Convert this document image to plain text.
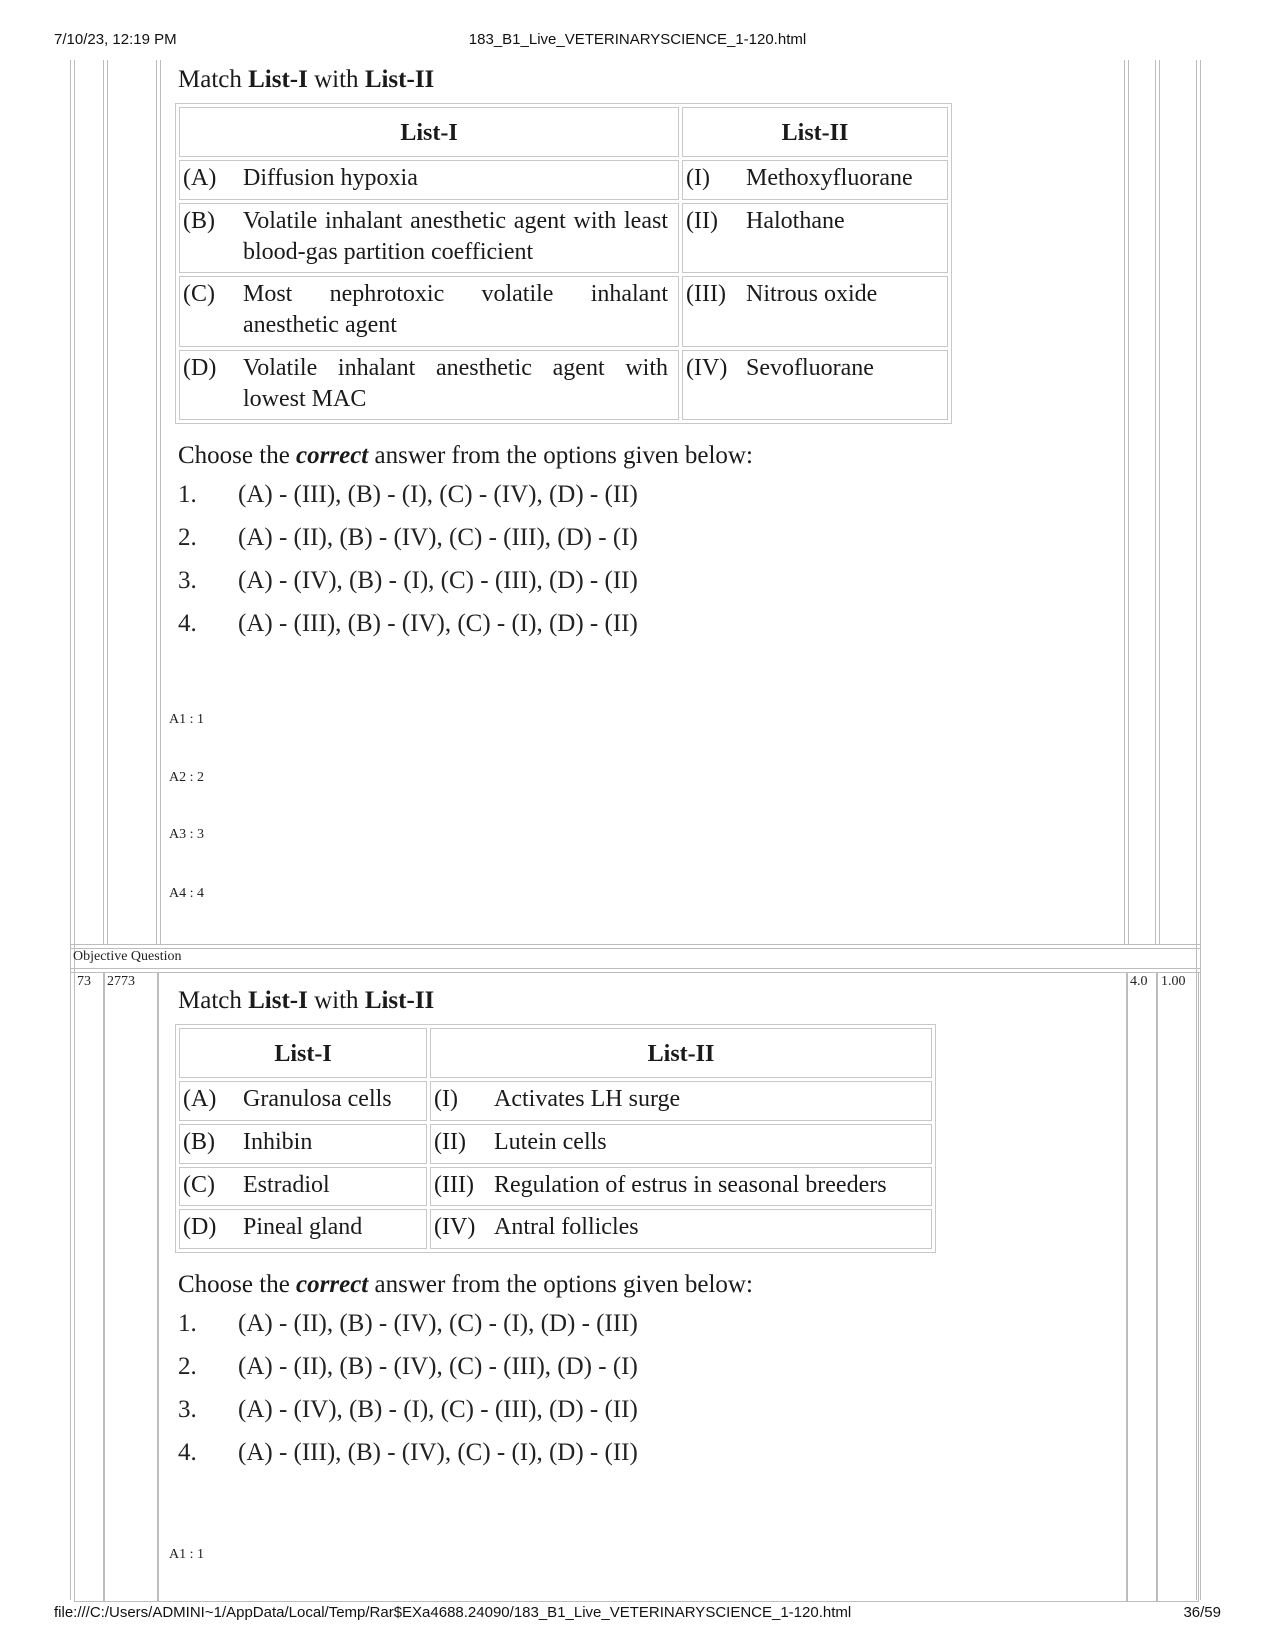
7/10/23, 12:19 PM	183_B1_Live_VETERINARYSCIENCE_1-120.html
Objective Question
73 2773	4.0 1.00
Match List-I with List-II
List-I	List-II
(A) Diffusion hypoxia	(I) Methoxyfluorane
(B) Volatile inhalant anesthetic agent with least blood-gas partition coefficient	(II) Halothane
(C) Most nephrotoxic volatile inhalant anesthetic agent	(III) Nitrous oxide
(D) Volatile inhalant anesthetic agent with lowest MAC	(IV) Sevofluorane
Choose the correct answer from the options given below:
1. (A) - (III), (B) - (I), (C) - (IV), (D) - (II)
2. (A) - (II), (B) - (IV), (C) - (III), (D) - (I)
3. (A) - (IV), (B) - (I), (C) - (III), (D) - (II)
4. (A) - (III), (B) - (IV), (C) - (I), (D) - (II)
A1 : 1
A2 : 2
A3 : 3
A4 : 4
Match List-I with List-II
List-I	List-II
(A) Granulosa cells	(I) Activates LH surge
(B) Inhibin	(II) Lutein cells
(C) Estradiol	(III) Regulation of estrus in seasonal breeders
(D) Pineal gland	(IV) Antral follicles
Choose the correct answer from the options given below:
1. (A) - (II), (B) - (IV), (C) - (I), (D) - (III)
2. (A) - (II), (B) - (IV), (C) - (III), (D) - (I)
3. (A) - (IV), (B) - (I), (C) - (III), (D) - (II)
4. (A) - (III), (B) - (IV), (C) - (I), (D) - (II)
A1 : 1
file:///C:/Users/ADMINI~1/AppData/Local/Temp/Rar$EXa4688.24090/183_B1_Live_VETERINARYSCIENCE_1-120.html	36/59
